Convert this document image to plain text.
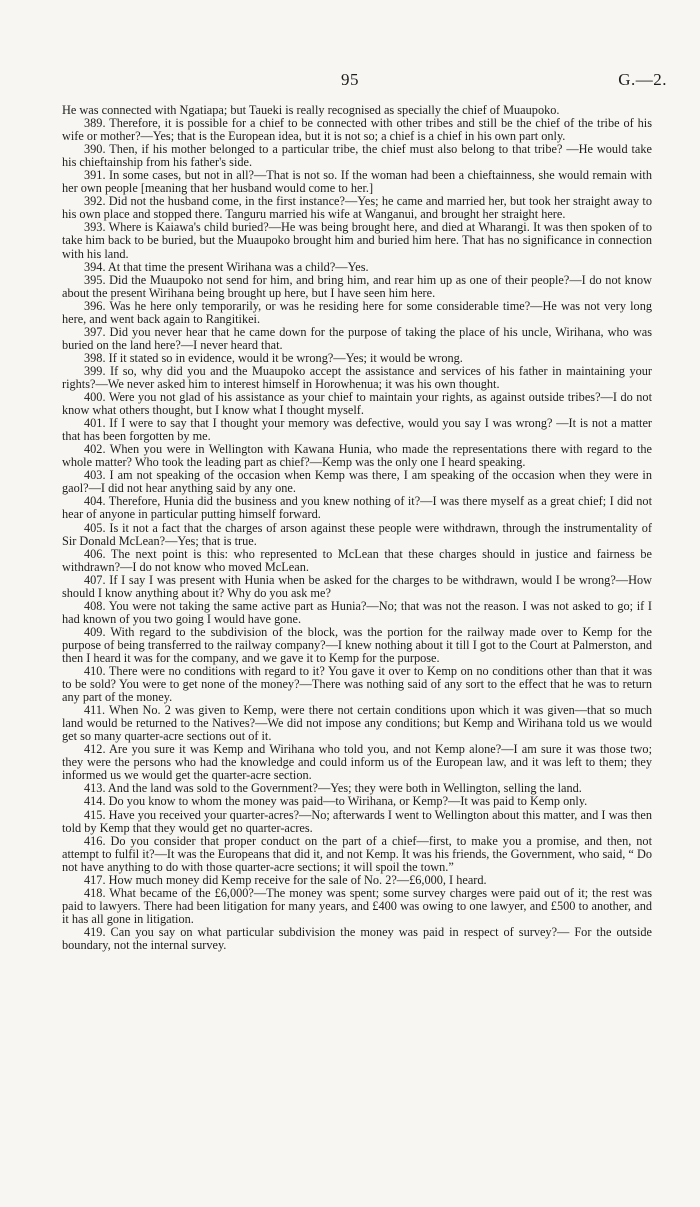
95	G.—2.

He was connected with Ngatiapa; but Taueki is really recognised as specially the chief of Muaupoko.

389. Therefore, it is possible for a chief to be connected with other tribes and still be the chief of the tribe of his wife or mother?—Yes; that is the European idea, but it is not so; a chief is a chief in his own part only.

390. Then, if his mother belonged to a particular tribe, the chief must also belong to that tribe? —He would take his chieftainship from his father's side.

391. In some cases, but not in all?—That is not so. If the woman had been a chieftainness, she would remain with her own people [meaning that her husband would come to her.]

392. Did not the husband come, in the first instance?—Yes; he came and married her, but took her straight away to his own place and stopped there. Tanguru married his wife at Wanganui, and brought her straight here.

393. Where is Kaiawa's child buried?—He was being brought here, and died at Wharangi. It was then spoken of to take him back to be buried, but the Muaupoko brought him and buried him here. That has no significance in connection with his land.

394. At that time the present Wirihana was a child?—Yes.

395. Did the Muaupoko not send for him, and bring him, and rear him up as one of their people?—I do not know about the present Wirihana being brought up here, but I have seen him here.

396. Was he here only temporarily, or was he residing here for some considerable time?—He was not very long here, and went back again to Rangitikei.

397. Did you never hear that he came down for the purpose of taking the place of his uncle, Wirihana, who was buried on the land here?—I never heard that.

398. If it stated so in evidence, would it be wrong?—Yes; it would be wrong.

399. If so, why did you and the Muaupoko accept the assistance and services of his father in maintaining your rights?—We never asked him to interest himself in Horowhenua; it was his own thought.

400. Were you not glad of his assistance as your chief to maintain your rights, as against outside tribes?—I do not know what others thought, but I know what I thought myself.

401. If I were to say that I thought your memory was defective, would you say I was wrong? —It is not a matter that has been forgotten by me.

402. When you were in Wellington with Kawana Hunia, who made the representations there with regard to the whole matter? Who took the leading part as chief?—Kemp was the only one I heard speaking.

403. I am not speaking of the occasion when Kemp was there, I am speaking of the occasion when they were in gaol?—I did not hear anything said by any one.

404. Therefore, Hunia did the business and you knew nothing of it?—I was there myself as a great chief; I did not hear of anyone in particular putting himself forward.

405. Is it not a fact that the charges of arson against these people were withdrawn, through the instrumentality of Sir Donald McLean?—Yes; that is true.

406. The next point is this: who represented to McLean that these charges should in justice and fairness be withdrawn?—I do not know who moved McLean.

407. If I say I was present with Hunia when be asked for the charges to be withdrawn, would I be wrong?—How should I know anything about it? Why do you ask me?

408. You were not taking the same active part as Hunia?—No; that was not the reason. I was not asked to go; if I had known of you two going I would have gone.

409. With regard to the subdivision of the block, was the portion for the railway made over to Kemp for the purpose of being transferred to the railway company?—I knew nothing about it till I got to the Court at Palmerston, and then I heard it was for the company, and we gave it to Kemp for the purpose.

410. There were no conditions with regard to it? You gave it over to Kemp on no conditions other than that it was to be sold? You were to get none of the money?—There was nothing said of any sort to the effect that he was to return any part of the money.

411. When No. 2 was given to Kemp, were there not certain conditions upon which it was given—that so much land would be returned to the Natives?—We did not impose any conditions; but Kemp and Wirihana told us we would get so many quarter-acre sections out of it.

412. Are you sure it was Kemp and Wirihana who told you, and not Kemp alone?—I am sure it was those two; they were the persons who had the knowledge and could inform us of the European law, and it was left to them; they informed us we would get the quarter-acre section.

413. And the land was sold to the Government?—Yes; they were both in Wellington, selling the land.

414. Do you know to whom the money was paid—to Wirihana, or Kemp?—It was paid to Kemp only.

415. Have you received your quarter-acres?—No; afterwards I went to Wellington about this matter, and I was then told by Kemp that they would get no quarter-acres.

416. Do you consider that proper conduct on the part of a chief—first, to make you a promise, and then, not attempt to fulfil it?—It was the Europeans that did it, and not Kemp. It was his friends, the Government, who said, “ Do not have anything to do with those quarter-acre sections; it will spoil the town.”

417. How much money did Kemp receive for the sale of No. 2?—£6,000, I heard.

418. What became of the £6,000?—The money was spent; some survey charges were paid out of it; the rest was paid to lawyers. There had been litigation for many years, and £400 was owing to one lawyer, and £500 to another, and it has all gone in litigation.

419. Can you say on what particular subdivision the money was paid in respect of survey?— For the outside boundary, not the internal survey.
